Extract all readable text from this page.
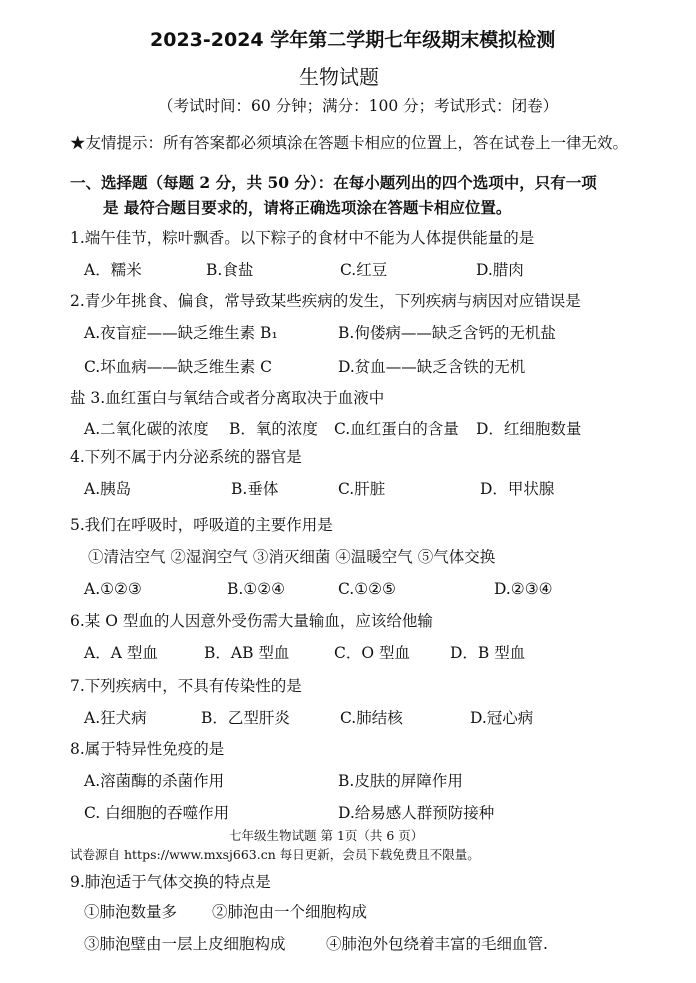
2023-2024 学年第二学期七年级期末模拟检测
生物试题
（考试时间：60 分钟；满分：100 分；考试形式：闭卷）
★友情提示：所有答案都必须填涂在答题卡相应的位置上，答在试卷上一律无效。
一、选择题（每题 2 分，共 50 分）：在每小题列出的四个选项中，只有一项
是 最符合题目要求的，请将正确选项涂在答题卡相应位置。
1.端午佳节，粽叶飘香。以下粽子的食材中不能为人体提供能量的是
A．糯米	B.食盐	C.红豆	D.腊肉
2.青少年挑食、偏食，常导致某些疾病的发生，下列疾病与病因对应错误是
A.夜盲症——缺乏维生素 B₁	B.佝偻病——缺乏含钙的无机盐
C.坏血病——缺乏维生素 C	D.贫血——缺乏含铁的无机
盐 3.血红蛋白与氧结合或者分离取决于血液中
A.二氧化碳的浓度 B．氧的浓度 C.血红蛋白的含量 D．红细胞数量
4.下列不属于内分泌系统的器官是
A.胰岛	B.垂体	C.肝脏	D．甲状腺
5.我们在呼吸时，呼吸道的主要作用是
①清洁空气 ②湿润空气 ③消灭细菌 ④温暖空气 ⑤气体交换
A.①②③	B.①②④	C.①②⑤	D.②③④
6.某 O 型血的人因意外受伤需大量输血，应该给他输
A．A 型血	B．AB 型血	C．O 型血	D．B 型血
7.下列疾病中，不具有传染性的是
A.狂犬病	B．乙型肝炎	C.肺结核	D.冠心病
8.属于特异性免疫的是
A.溶菌酶的杀菌作用	B.皮肤的屏障作用
C. 白细胞的吞噬作用	D.给易感人群预防接种
七年级生物试题 第 1页（共 6 页）
试卷源自 https://www.mxsj663.cn 每日更新，会员下载免费且不限量。
9.肺泡适于气体交换的特点是
①肺泡数量多 ②肺泡由一个细胞构成
③肺泡壁由一层上皮细胞构成	④肺泡外包绕着丰富的毛细血管.
